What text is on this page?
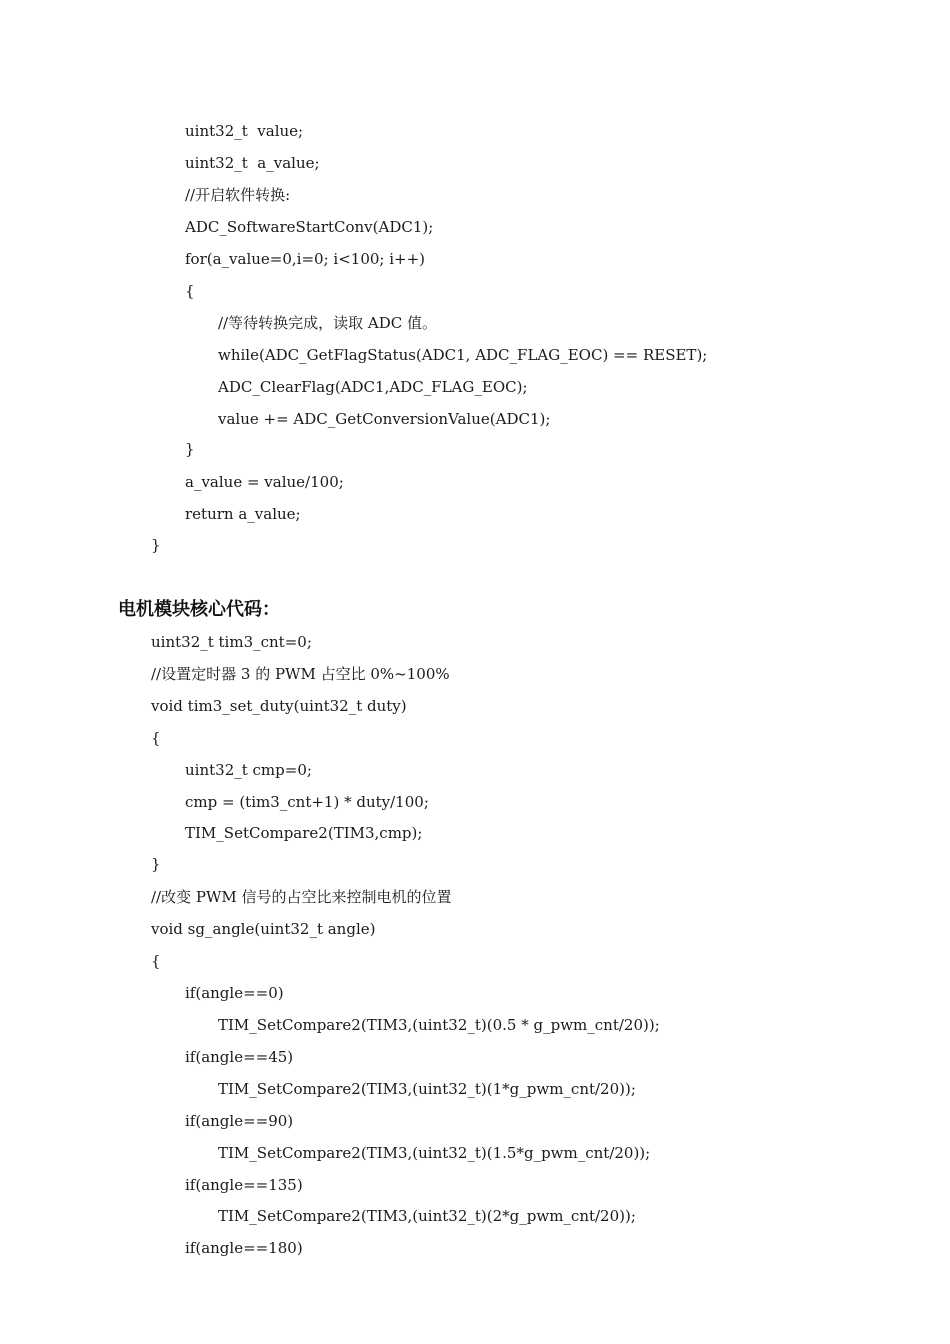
uint32_t  value;
uint32_t  a_value;
//开启软件转换:
ADC_SoftwareStartConv(ADC1);
for(a_value=0,i=0; i<100; i++)
{
//等待转换完成，读取 ADC 值。
while(ADC_GetFlagStatus(ADC1, ADC_FLAG_EOC) == RESET);
ADC_ClearFlag(ADC1,ADC_FLAG_EOC);
value += ADC_GetConversionValue(ADC1);
}
a_value = value/100;
return a_value;
}
电机模块核心代码：
uint32_t tim3_cnt=0;
//设置定时器 3 的 PWM 占空比 0%~100%
void tim3_set_duty(uint32_t duty)
{
uint32_t cmp=0;
cmp = (tim3_cnt+1) * duty/100;
TIM_SetCompare2(TIM3,cmp);
}
//改变 PWM 信号的占空比来控制电机的位置
void sg_angle(uint32_t angle)
{
if(angle==0)
TIM_SetCompare2(TIM3,(uint32_t)(0.5 * g_pwm_cnt/20));
if(angle==45)
TIM_SetCompare2(TIM3,(uint32_t)(1*g_pwm_cnt/20));
if(angle==90)
TIM_SetCompare2(TIM3,(uint32_t)(1.5*g_pwm_cnt/20));
if(angle==135)
TIM_SetCompare2(TIM3,(uint32_t)(2*g_pwm_cnt/20));
if(angle==180)
